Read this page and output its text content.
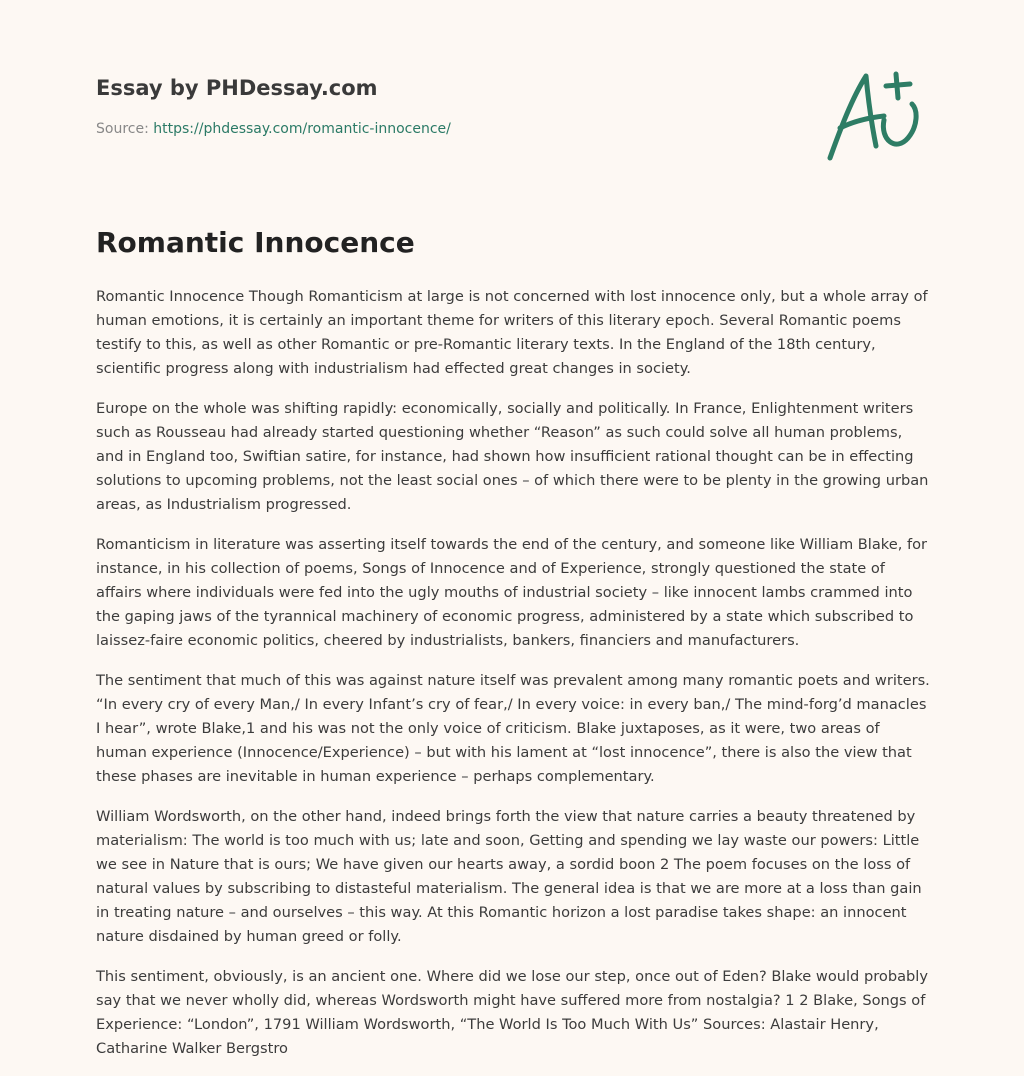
Essay by PHDessay.com
Source: https://phdessay.com/romantic-innocence/
Romantic Innocence

Romantic Innocence Though Romanticism at large is not concerned with lost innocence only, but a whole array of human emotions, it is certainly an important theme for writers of this literary epoch. Several Romantic poems testify to this, as well as other Romantic or pre-Romantic literary texts. In the England of the 18th century, scientific progress along with industrialism had effected great changes in society.

Europe on the whole was shifting rapidly: economically, socially and politically. In France, Enlightenment writers such as Rousseau had already started questioning whether “Reason” as such could solve all human problems, and in England too, Swiftian satire, for instance, had shown how insufficient rational thought can be in effecting solutions to upcoming problems, not the least social ones – of which there were to be plenty in the growing urban areas, as Industrialism progressed.

Romanticism in literature was asserting itself towards the end of the century, and someone like William Blake, for instance, in his collection of poems, Songs of Innocence and of Experience, strongly questioned the state of affairs where individuals were fed into the ugly mouths of industrial society – like innocent lambs crammed into the gaping jaws of the tyrannical machinery of economic progress, administered by a state which subscribed to laissez-faire economic politics, cheered by industrialists, bankers, financiers and manufacturers.

The sentiment that much of this was against nature itself was prevalent among many romantic poets and writers. “In every cry of every Man,/ In every Infant’s cry of fear,/ In every voice: in every ban,/ The mind-forg’d manacles I hear”, wrote Blake,1 and his was not the only voice of criticism. Blake juxtaposes, as it were, two areas of human experience (Innocence/Experience) – but with his lament at “lost innocence”, there is also the view that these phases are inevitable in human experience – perhaps complementary.

William Wordsworth, on the other hand, indeed brings forth the view that nature carries a beauty threatened by materialism: The world is too much with us; late and soon, Getting and spending we lay waste our powers: Little we see in Nature that is ours; We have given our hearts away, a sordid boon 2 The poem focuses on the loss of natural values by subscribing to distasteful materialism. The general idea is that we are more at a loss than gain in treating nature – and ourselves – this way. At this Romantic horizon a lost paradise takes shape: an innocent nature disdained by human greed or folly.

This sentiment, obviously, is an ancient one. Where did we lose our step, once out of Eden? Blake would probably say that we never wholly did, whereas Wordsworth might have suffered more from nostalgia? 1 2 Blake, Songs of Experience: “London”, 1791 William Wordsworth, “The World Is Too Much With Us” Sources: Alastair Henry, Catharine Walker Bergstro
